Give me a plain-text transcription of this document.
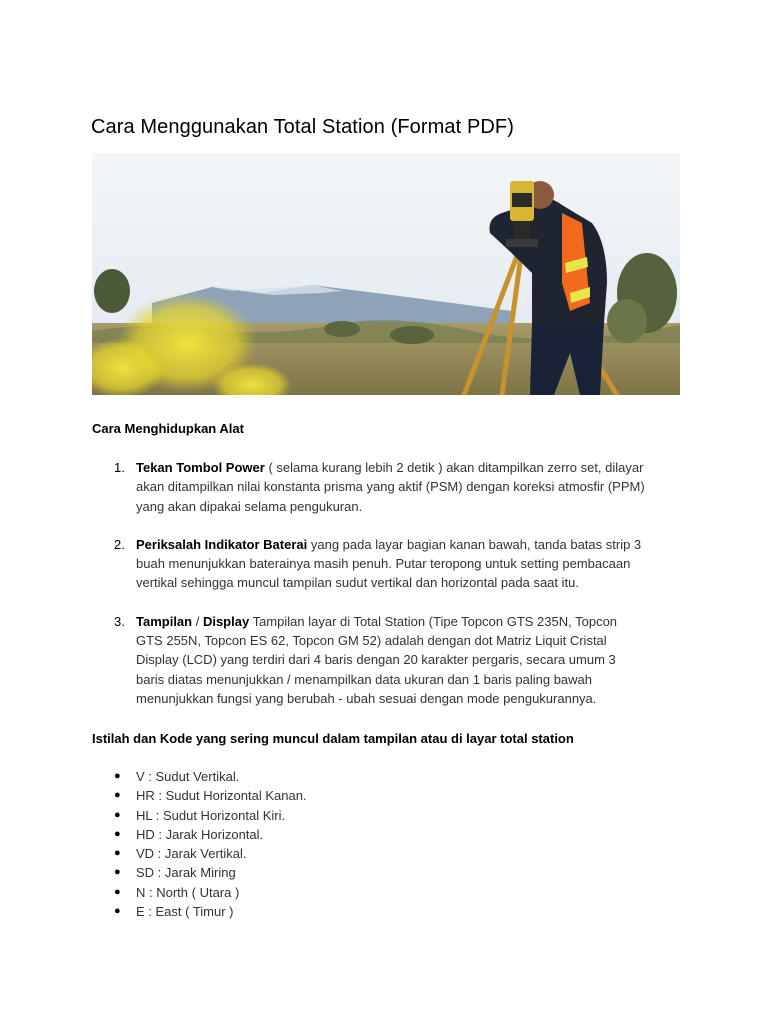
Cara Menggunakan Total Station (Format PDF)
Cara Menghidupkan Alat
1. Tekan Tombol Power ( selama kurang lebih 2 detik ) akan ditampilkan zerro set, dilayar
akan ditampilkan nilai konstanta prisma yang aktif (PSM) dengan koreksi atmosfir (PPM)
yang akan dipakai selama pengukuran.
2. Periksalah Indikator Baterai yang pada layar bagian kanan bawah, tanda batas strip 3
buah menunjukkan baterainya masih penuh. Putar teropong untuk setting pembacaan
vertikal sehingga muncul tampilan sudut vertikal dan horizontal pada saat itu.
3. Tampilan / Display Tampilan layar di Total Station (Tipe Topcon GTS 235N, Topcon
GTS 255N, Topcon ES 62, Topcon GM 52) adalah dengan dot Matriz Liquit Cristal
Display (LCD) yang terdiri dari 4 baris dengan 20 karakter pergaris, secara umum 3
baris diatas menunjukkan / menampilkan data ukuran dan 1 baris paling bawah
menunjukkan fungsi yang berubah - ubah sesuai dengan mode pengukurannya.
Istilah dan Kode yang sering muncul dalam tampilan atau di layar total station
● V : Sudut Vertikal.
● HR : Sudut Horizontal Kanan.
● HL : Sudut Horizontal Kiri.
● HD : Jarak Horizontal.
● VD : Jarak Vertikal.
● SD : Jarak Miring
● N : North ( Utara )
● E : East ( Timur )
